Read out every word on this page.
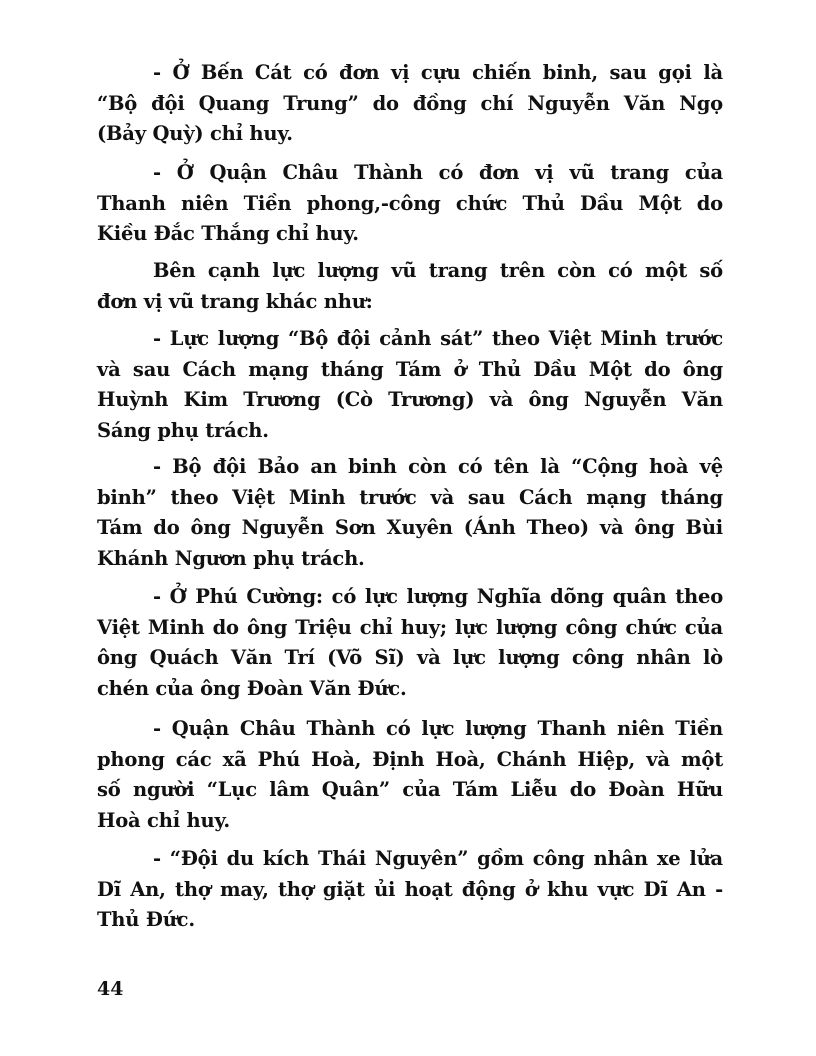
- Ở Bến Cát có đơn vị cựu chiến binh, sau gọi là
“Bộ đội Quang Trung” do đồng chí Nguyễn Văn Ngọ
(Bảy Quỳ) chỉ huy.
- Ở Quận Châu Thành có đơn vị vũ trang của
Thanh niên Tiền phong,-công chức Thủ Dầu Một do
Kiều Đắc Thắng chỉ huy.
Bên cạnh lực lượng vũ trang trên còn có một số
đơn vị vũ trang khác như:
- Lực lượng “Bộ đội cảnh sát” theo Việt Minh trước
và sau Cách mạng tháng Tám ở Thủ Dầu Một do ông
Huỳnh Kim Trương (Cò Trương) và ông Nguyễn Văn
Sáng phụ trách.
- Bộ đội Bảo an binh còn có tên là “Cộng hoà vệ
binh” theo Việt Minh trước và sau Cách mạng tháng
Tám do ông Nguyễn Sơn Xuyên (Ánh Theo) và ông Bùi
Khánh Ngươn phụ trách.
- Ở Phú Cường: có lực lượng Nghĩa dõng quân theo
Việt Minh do ông Triệu chỉ huy; lực lượng công chức của
ông Quách Văn Trí (Võ Sĩ) và lực lượng công nhân lò
chén của ông Đoàn Văn Đức.
- Quận Châu Thành có lực lượng Thanh niên Tiền
phong các xã Phú Hoà, Định Hoà, Chánh Hiệp, và một
số người “Lục lâm Quân” của Tám Liễu do Đoàn Hữu
Hoà chỉ huy.
- “Đội du kích Thái Nguyên” gồm công nhân xe lửa
Dĩ An, thợ may, thợ giặt ủi hoạt động ở khu vực Dĩ An -
Thủ Đức.
44
